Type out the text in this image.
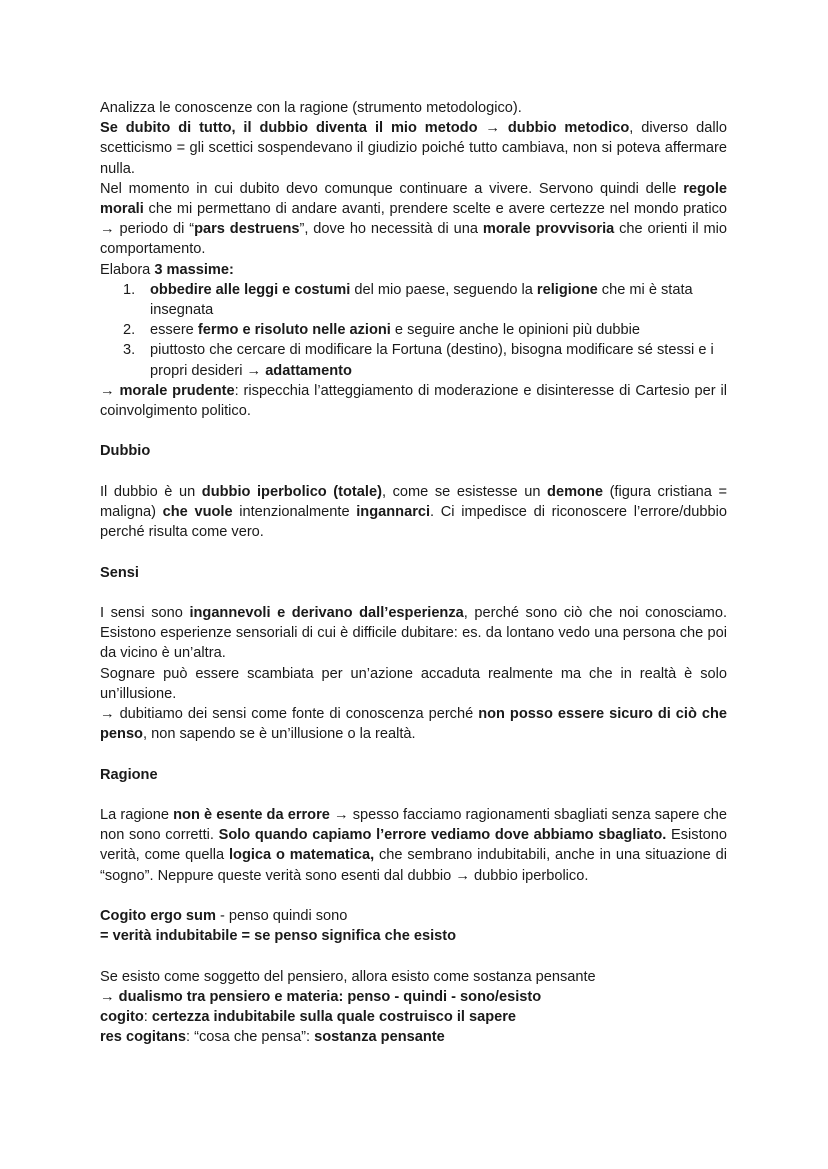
Analizza le conoscenze con la ragione (strumento metodologico).

Se dubito di tutto, il dubbio diventa il mio metodo → dubbio metodico, diverso dallo scetticismo = gli scettici sospendevano il giudizio poiché tutto cambiava, non si poteva affermare nulla.

Nel momento in cui dubito devo comunque continuare a vivere. Servono quindi delle regole morali che mi permettano di andare avanti, prendere scelte e avere certezze nel mondo pratico → periodo di “pars destruens”, dove ho necessità di una morale provvisoria che orienti il mio comportamento.

Elabora 3 massime:

1. obbedire alle leggi e costumi del mio paese, seguendo la religione che mi è stata insegnata
2. essere fermo e risoluto nelle azioni e seguire anche le opinioni più dubbie
3. piuttosto che cercare di modificare la Fortuna (destino), bisogna modificare sé stessi e i propri desideri → adattamento

→ morale prudente: rispecchia l’atteggiamento di moderazione e disinteresse di Cartesio per il coinvolgimento politico.

Dubbio

Il dubbio è un dubbio iperbolico (totale), come se esistesse un demone (figura cristiana = maligna) che vuole intenzionalmente ingannarci. Ci impedisce di riconoscere l’errore/dubbio perché risulta come vero.

Sensi

I sensi sono ingannevoli e derivano dall’esperienza, perché sono ciò che noi conosciamo. Esistono esperienze sensoriali di cui è difficile dubitare: es. da lontano vedo una persona che poi da vicino è un’altra.

Sognare può essere scambiata per un’azione accaduta realmente ma che in realtà è solo un’illusione.

→ dubitiamo dei sensi come fonte di conoscenza perché non posso essere sicuro di ciò che penso, non sapendo se è un’illusione o la realtà.

Ragione

La ragione non è esente da errore → spesso facciamo ragionamenti sbagliati senza sapere che non sono corretti. Solo quando capiamo l’errore vediamo dove abbiamo sbagliato. Esistono verità, come quella logica o matematica, che sembrano indubitabili, anche in una situazione di “sogno”. Neppure queste verità sono esenti dal dubbio → dubbio iperbolico.

Cogito ergo sum - penso quindi sono

= verità indubitabile = se penso significa che esisto

Se esisto come soggetto del pensiero, allora esisto come sostanza pensante

→ dualismo tra pensiero e materia: penso - quindi - sono/esisto

cogito: certezza indubitabile sulla quale costruisco il sapere

res cogitans: “cosa che pensa”: sostanza pensante
